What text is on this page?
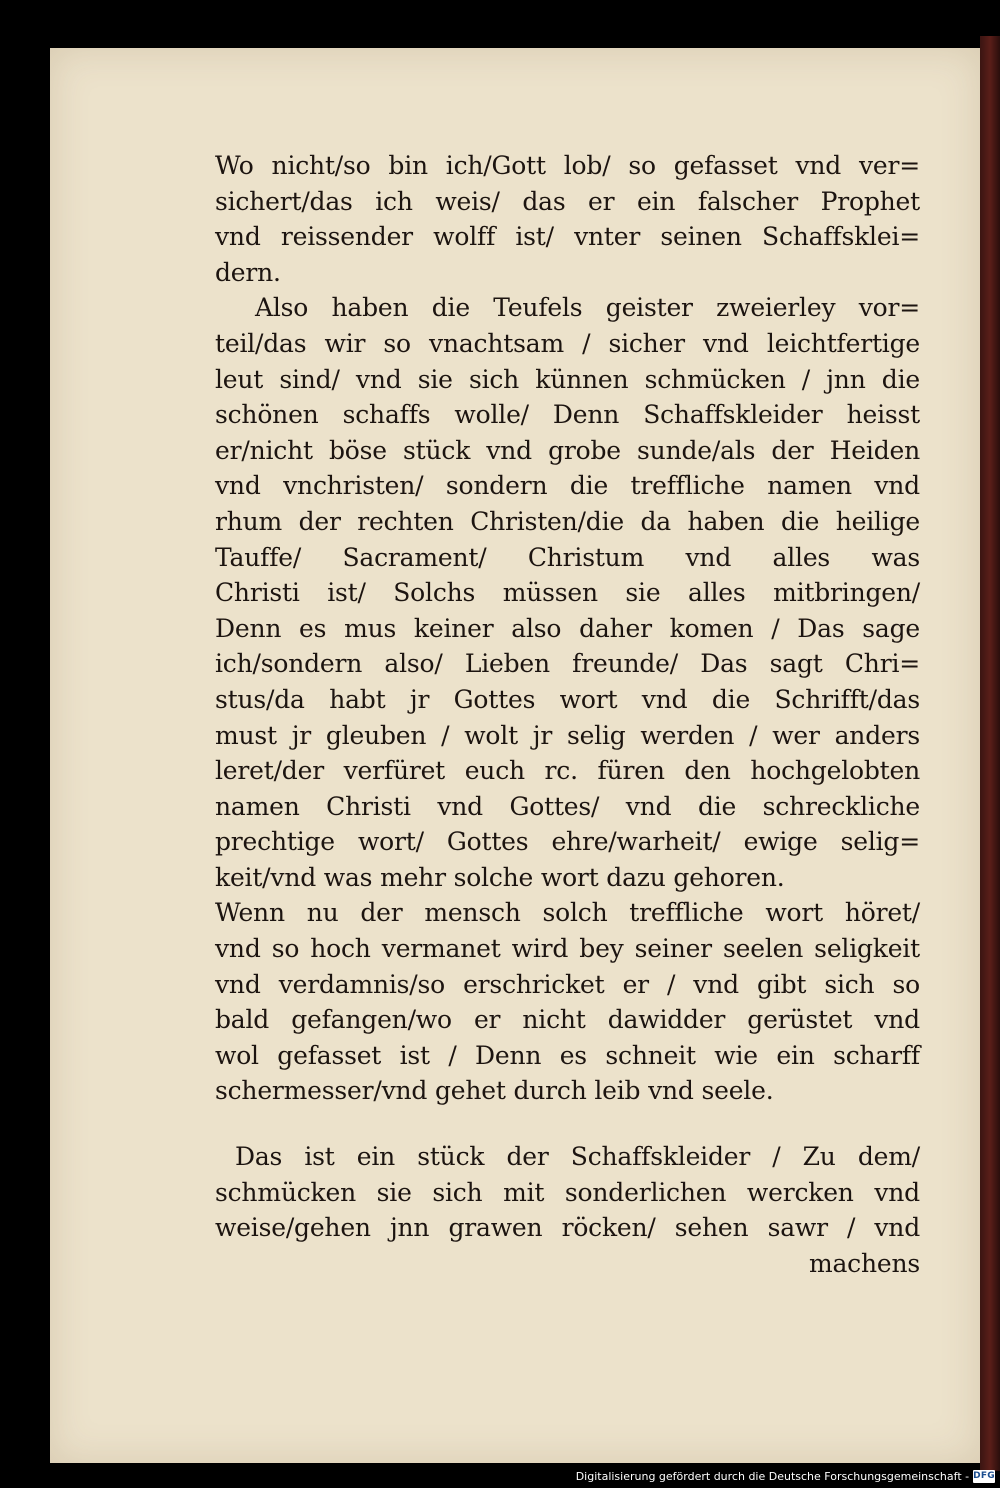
Wo nicht/so bin ich/Gott lob/ so gefasset vnd ver=
sichert/das ich weis/ das er ein falscher Prophet
vnd reissender wolff ist/ vnter seinen Schaffsklei=
dern.
Also haben die Teufels geister zweierley vor=
teil/das wir so vnachtsam / sicher vnd leichtfertige
leut sind/ vnd sie sich künnen schmücken / jnn die
schönen schaffs wolle/ Denn Schaffskleider heisst
er/nicht böse stück vnd grobe sunde/als der Heiden
vnd vnchristen/ sondern die treffliche namen vnd
rhum der rechten Christen/die da haben die heilige
Tauffe/ Sacrament/ Christum vnd alles was
Christi ist/ Solchs müssen sie alles mitbringen/
Denn es mus keiner also daher komen / Das sage
ich/sondern also/ Lieben freunde/ Das sagt Chri=
stus/da habt jr Gottes wort vnd die Schrifft/das
must jr gleuben / wolt jr selig werden / wer anders
leret/der verfüret euch rc. füren den hochgelobten
namen Christi vnd Gottes/ vnd die schreckliche
prechtige wort/ Gottes ehre/warheit/ ewige selig=
keit/vnd was mehr solche wort dazu gehoren.
Wenn nu der mensch solch treffliche wort höret/
vnd so hoch vermanet wird bey seiner seelen seligkeit
vnd verdamnis/so erschricket er / vnd gibt sich so
bald gefangen/wo er nicht dawidder gerüstet vnd
wol gefasset ist / Denn es schneit wie ein scharff
schermesser/vnd gehet durch leib vnd seele.
Das ist ein stück der Schaffskleider / Zu dem/
schmücken sie sich mit sonderlichen wercken vnd
weise/gehen jnn grawen röcken/ sehen sawr / vnd
machens
Digitalisierung gefördert durch die Deutsche Forschungsgemeinschaft - DFG
